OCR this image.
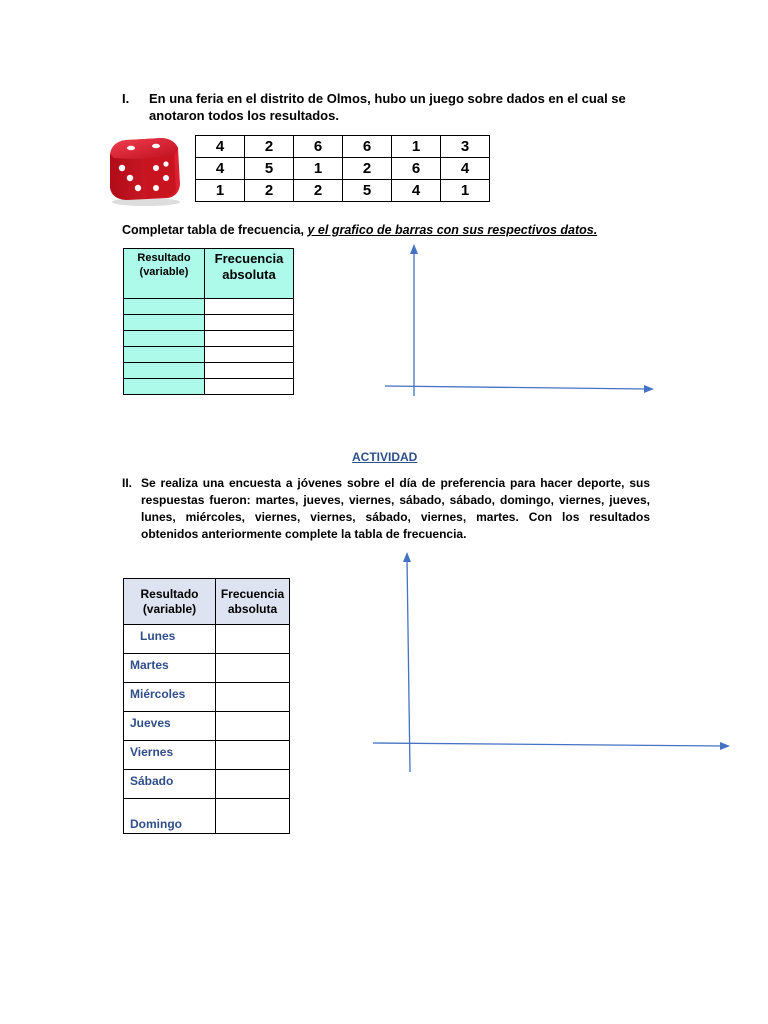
I. En una feria en el distrito de Olmos, hubo un juego sobre dados en el cual se anotaron todos los resultados.
4	2	6	6	1	3
4	5	1	2	6	4
1	2	2	5	4	1
Completar tabla de frecuencia, y el grafico de barras con sus respectivos datos.
Resultado (variable)	Frecuencia absoluta

ACTIVIDAD
II. Se realiza una encuesta a jóvenes sobre el día de preferencia para hacer deporte, sus respuestas fueron: martes, jueves, viernes, sábado, sábado, domingo, viernes, jueves, lunes, miércoles, viernes, viernes, sábado, viernes, martes. Con los resultados obtenidos anteriormente complete la tabla de frecuencia.
Resultado (variable)	Frecuencia absoluta
Lunes	
Martes	
Miércoles	
Jueves	
Viernes	
Sábado	
Domingo	
